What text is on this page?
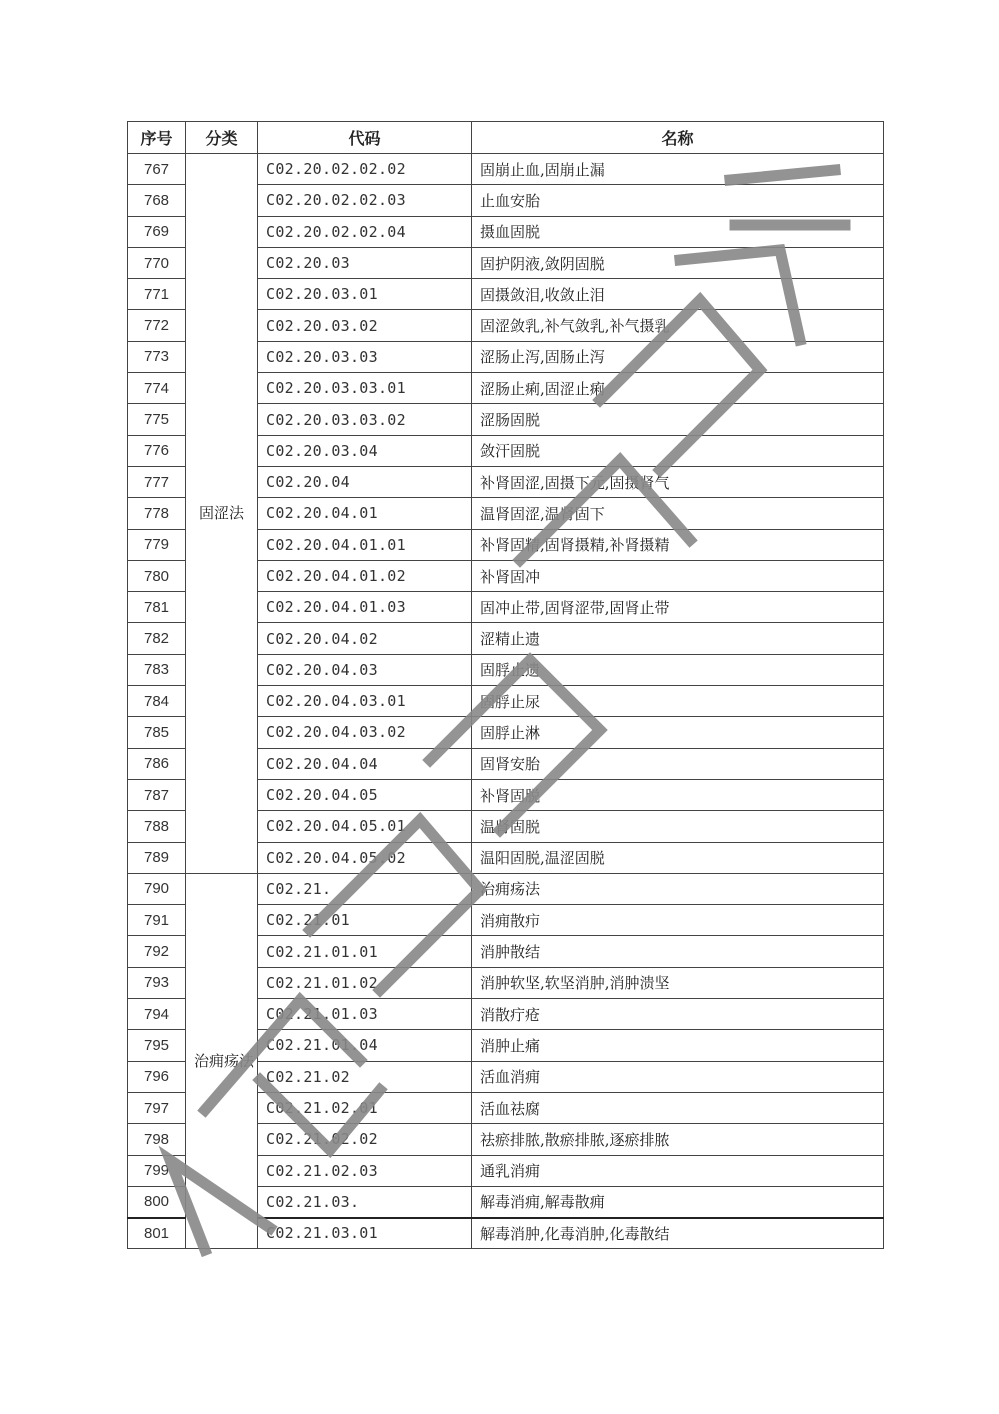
序号	分类	代码	名称
767	固涩法	C02.20.02.02.02	固崩止血,固崩止漏
768		C02.20.02.02.03	止血安胎
769		C02.20.02.02.04	摄血固脱
770		C02.20.03	固护阴液,敛阴固脱
771		C02.20.03.01	固摄敛泪,收敛止泪
772		C02.20.03.02	固涩敛乳,补气敛乳,补气摄乳
773		C02.20.03.03	涩肠止泻,固肠止泻
774		C02.20.03.03.01	涩肠止痢,固涩止痢
775		C02.20.03.03.02	涩肠固脱
776		C02.20.03.04	敛汗固脱
777		C02.20.04	补肾固涩,固摄下元,固摄肾气
778		C02.20.04.01	温肾固涩,温肾固下
779		C02.20.04.01.01	补肾固精,固肾摄精,补肾摄精
780		C02.20.04.01.02	补肾固冲
781		C02.20.04.01.03	固冲止带,固肾涩带,固肾止带
782		C02.20.04.02	涩精止遗
783		C02.20.04.03	固脬止遗
784		C02.20.04.03.01	固脬止尿
785		C02.20.04.03.02	固脬止淋
786		C02.20.04.04	固肾安胎
787		C02.20.04.05	补肾固脱
788		C02.20.04.05.01	温肾固脱
789		C02.20.04.05.02	温阳固脱,温涩固脱
790	治痈疡法	C02.21.	治痈疡法
791		C02.21.01	消痈散疖
792		C02.21.01.01	消肿散结
793		C02.21.01.02	消肿软坚,软坚消肿,消肿溃坚
794		C02.21.01.03	消散疔疮
795		C02.21.01.04	消肿止痛
796		C02.21.02	活血消痈
797		C02.21.02.01	活血祛腐
798		C02.21.02.02	祛瘀排脓,散瘀排脓,逐瘀排脓
799		C02.21.02.03	通乳消痈
800		C02.21.03.	解毒消痈,解毒散痈
801		C02.21.03.01	解毒消肿,化毒消肿,化毒散结
